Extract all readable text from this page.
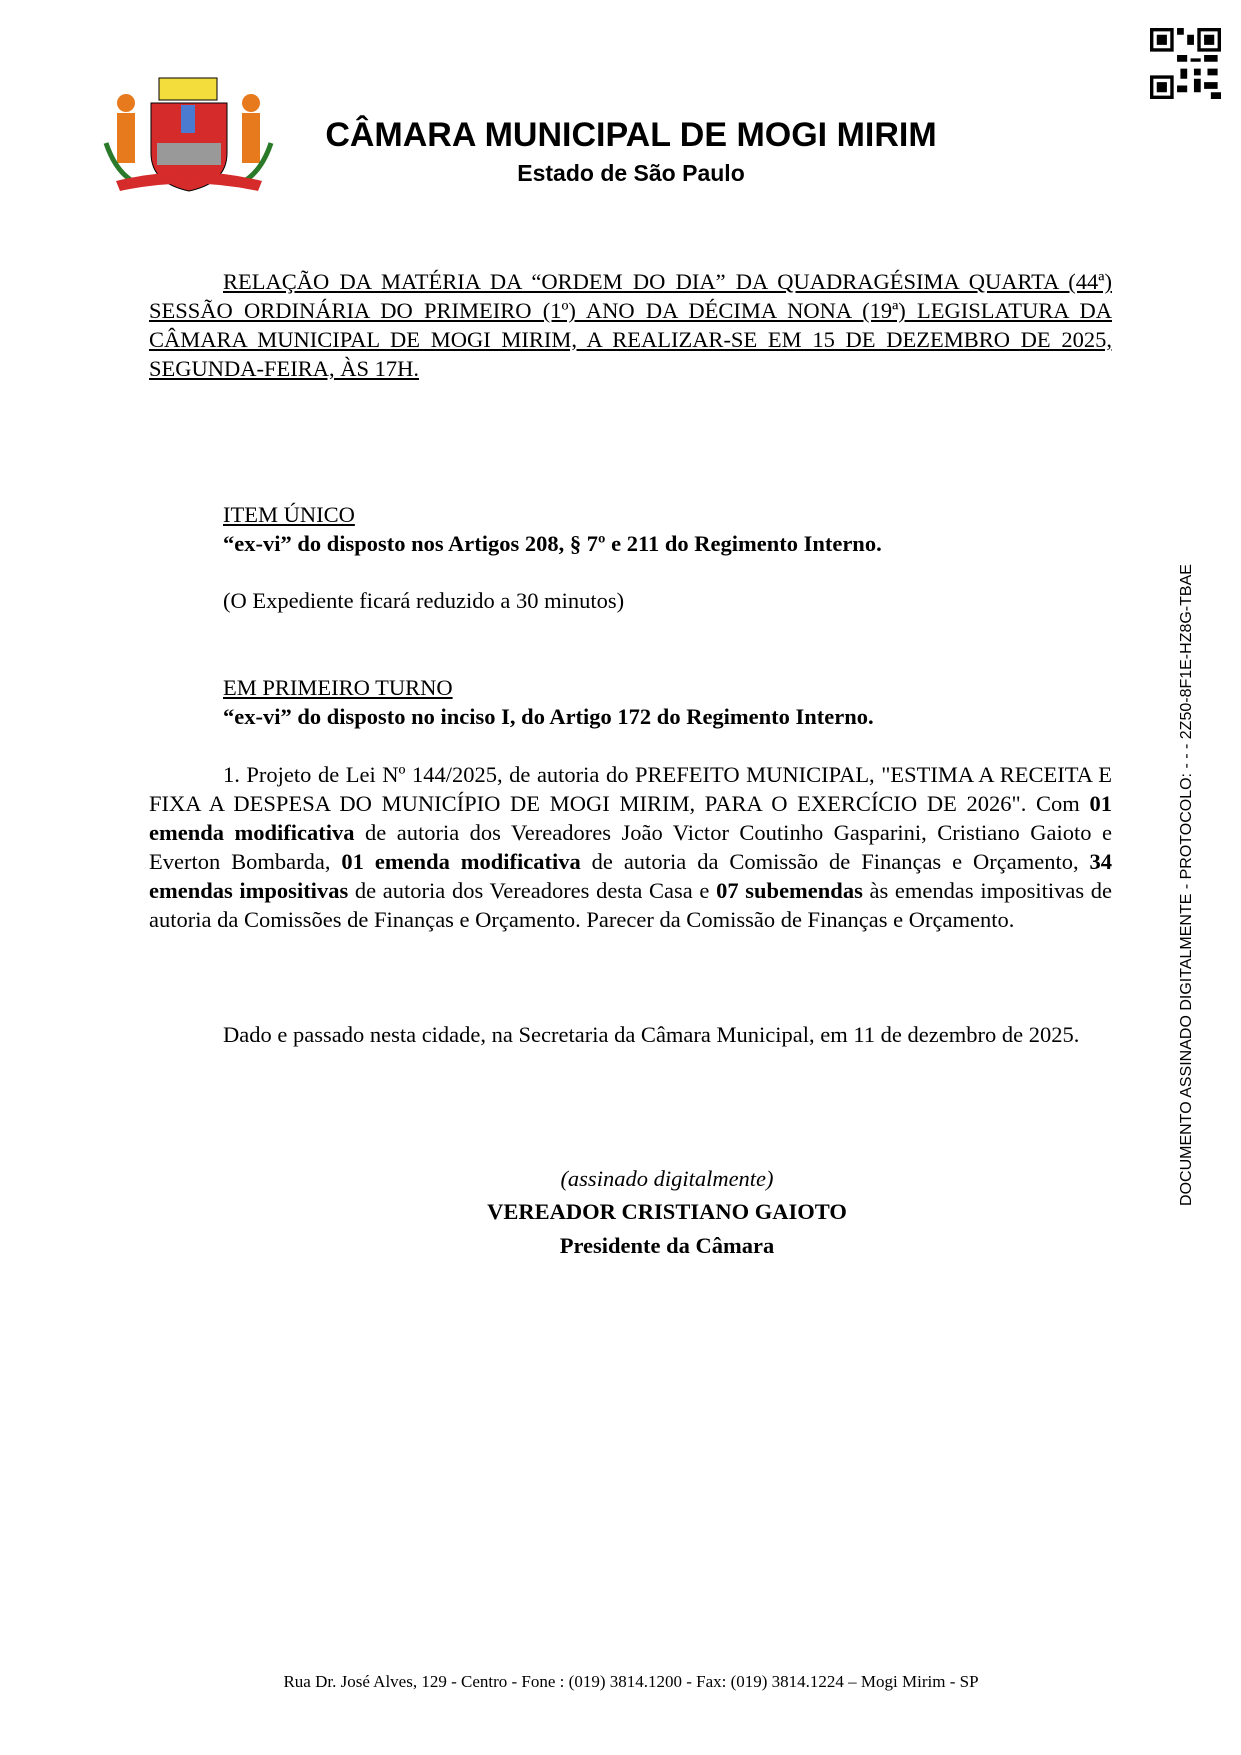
CÂMARA MUNICIPAL DE MOGI MIRIM
Estado de São Paulo
RELAÇÃO DA MATÉRIA DA “ORDEM DO DIA” DA QUADRAGÉSIMA QUARTA (44ª) SESSÃO ORDINÁRIA DO PRIMEIRO (1º) ANO DA DÉCIMA NONA (19ª) LEGISLATURA DA CÂMARA MUNICIPAL DE MOGI MIRIM, A REALIZAR-SE EM 15 DE DEZEMBRO DE 2025, SEGUNDA-FEIRA, ÀS 17H.
ITEM ÚNICO
“ex-vi” do disposto nos Artigos 208, § 7º e 211 do Regimento Interno.
(O Expediente ficará reduzido a 30 minutos)
EM PRIMEIRO TURNO
“ex-vi” do disposto no inciso I, do Artigo 172 do Regimento Interno.
1. Projeto de Lei Nº 144/2025, de autoria do PREFEITO MUNICIPAL, "ESTIMA A RECEITA E FIXA A DESPESA DO MUNICÍPIO DE MOGI MIRIM, PARA O EXERCÍCIO DE 2026". Com 01 emenda modificativa de autoria dos Vereadores João Victor Coutinho Gasparini, Cristiano Gaioto e Everton Bombarda, 01 emenda modificativa de autoria da Comissão de Finanças e Orçamento, 34 emendas impositivas de autoria dos Vereadores desta Casa e 07 subemendas às emendas impositivas de autoria da Comissões de Finanças e Orçamento. Parecer da Comissão de Finanças e Orçamento.
Dado e passado nesta cidade, na Secretaria da Câmara Municipal, em 11 de dezembro de 2025.
(assinado digitalmente)
VEREADOR CRISTIANO GAIOTO
Presidente da Câmara
DOCUMENTO ASSINADO DIGITALMENTE - PROTOCOLO: - - - 2Z50-8F1E-HZ8G-TBAE
Rua Dr. José Alves, 129 - Centro - Fone : (019) 3814.1200 - Fax: (019) 3814.1224 – Mogi Mirim - SP
